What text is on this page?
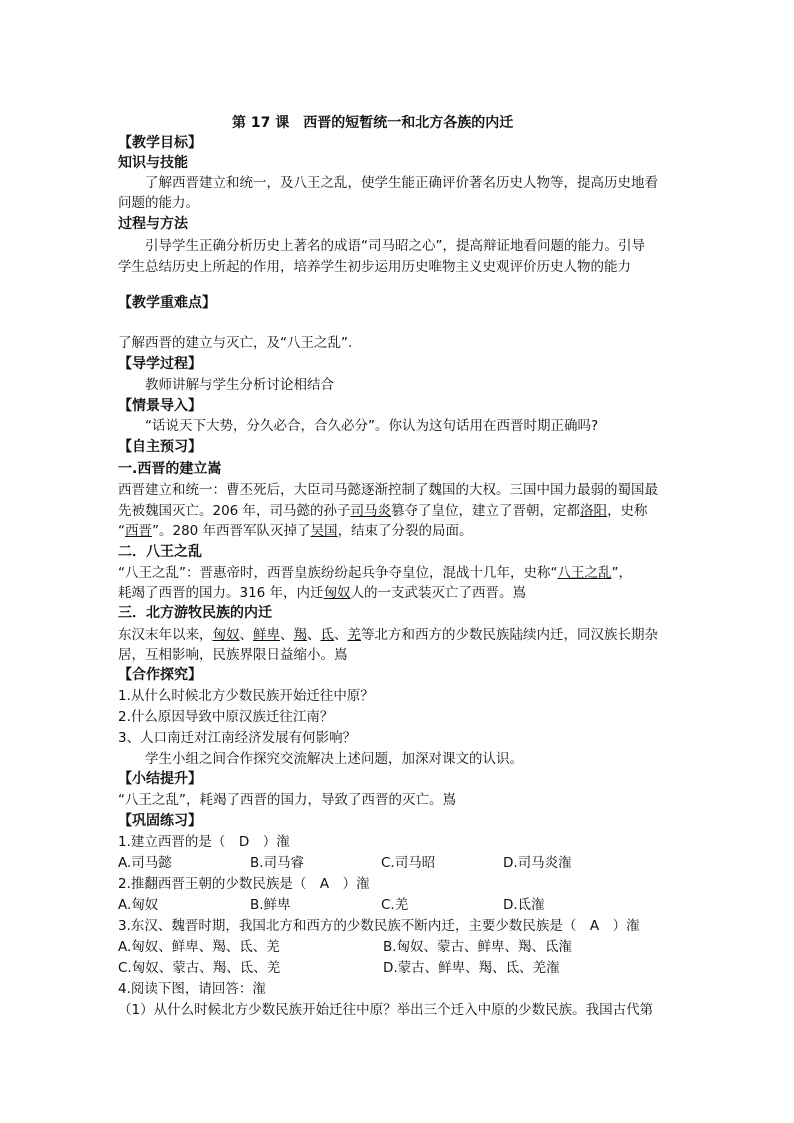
第 17 课　西晋的短暂统一和北方各族的内迁
【教学目标】
知识与技能
了解西晋建立和统一，及八王之乱，使学生能正确评价著名历史人物等，提高历史地看
问题的能力。
过程与方法
引导学生正确分析历史上著名的成语“司马昭之心”，提高辩证地看问题的能力。引导
学生总结历史上所起的作用，培养学生初步运用历史唯物主义史观评价历史人物的能力
【教学重难点】
了解西晋的建立与灭亡，及“八王之乱”.
【导学过程】
教师讲解与学生分析讨论相结合
【情景导入】
“话说天下大势，分久必合，合久必分”。你认为这句话用在西晋时期正确吗?
【自主预习】
一.西晋的建立嵩
西晋建立和统一：曹丕死后，大臣司马懿逐渐控制了魏国的大权。三国中国力最弱的蜀国最
先被魏国灭亡。206 年，司马懿的孙子司马炎篡夺了皇位，建立了晋朝，定都洛阳，史称
“西晋”。280 年西晋军队灭掉了吴国，结束了分裂的局面。
二．八王之乱
“八王之乱”：晋惠帝时，西晋皇族纷纷起兵争夺皇位，混战十几年，史称“八王之乱”，
耗竭了西晋的国力。316 年，内迁匈奴人的一支武装灭亡了西晋。嶌
三．北方游牧民族的内迁
东汉末年以来，匈奴、鲜卑、羯、氐、羌等北方和西方的少数民族陆续内迁，同汉族长期杂
居，互相影响，民族界限日益缩小。嶌
【合作探究】
1.从什么时候北方少数民族开始迁往中原？
2.什么原因导致中原汉族迁往江南？
3、人口南迁对江南经济发展有何影响？
学生小组之间合作探究交流解决上述问题，加深对课文的认识。
【小结提升】
“八王之乱”，耗竭了西晋的国力，导致了西晋的灭亡。嶌
【巩固练习】
1.建立西晋的是（　D　）潅
A.司马懿	B.司马睿	C.司马昭	D.司马炎潅
2.推翻西晋王朝的少数民族是（　A　）潅
A.匈奴	B.鲜卑	C.羌	D.氐潅
3.东汉、魏晋时期，我国北方和西方的少数民族不断内迁，主要少数民族是（　A　）潅
A.匈奴、鲜卑、羯、氐、羌	B.匈奴、蒙古、鲜卑、羯、氐潅
C.匈奴、蒙古、羯、氐、羌	D.蒙古、鲜卑、羯、氐、羌潅
4.阅读下图，请回答：潅
（1）从什么时候北方少数民族开始迁往中原？举出三个迁入中原的少数民族。我国古代第
